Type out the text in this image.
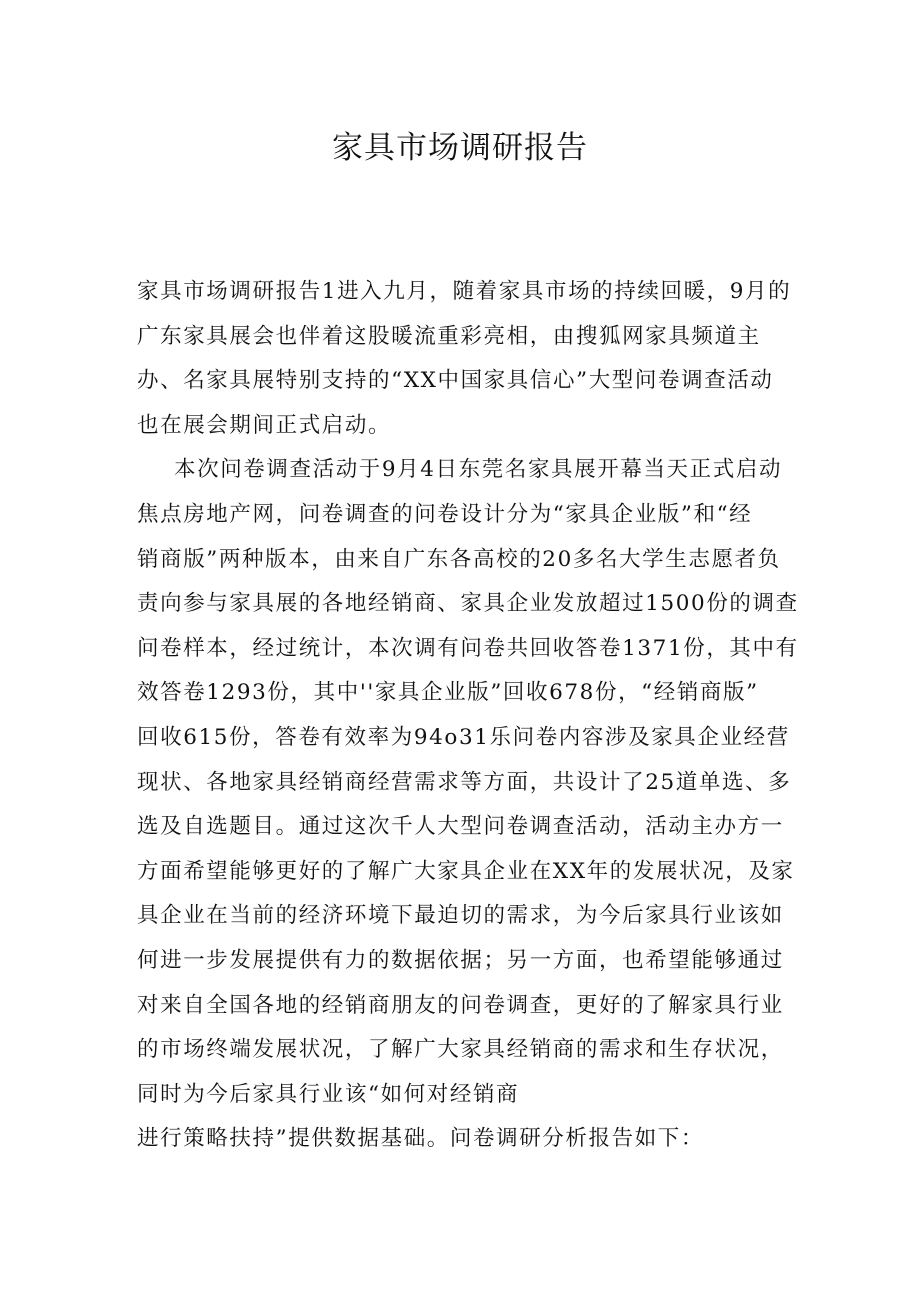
家具市场调研报告
家具市场调研报告1进入九月，随着家具市场的持续回暖，9月的
广东家具展会也伴着这股暖流重彩亮相，由搜狐网家具频道主
办、名家具展特别支持的“XX中国家具信心”大型问卷调查活动
也在展会期间正式启动。
本次问卷调查活动于9月4日东莞名家具展开幕当天正式启动
焦点房地产网，问卷调查的问卷设计分为“家具企业版”和“经
销商版”两种版本，由来自广东各高校的20多名大学生志愿者负
责向参与家具展的各地经销商、家具企业发放超过1500份的调查
问卷样本，经过统计，本次调有问卷共回收答卷1371份，其中有
效答卷1293份，其中''家具企业版”回收678份，“经销商版”
回收615份，答卷有效率为94o31乐问卷内容涉及家具企业经营
现状、各地家具经销商经营需求等方面，共设计了25道单选、多
选及自选题目。通过这次千人大型问卷调查活动，活动主办方一
方面希望能够更好的了解广大家具企业在XX年的发展状况，及家
具企业在当前的经济环境下最迫切的需求，为今后家具行业该如
何进一步发展提供有力的数据依据；另一方面，也希望能够通过
对来自全国各地的经销商朋友的问卷调查，更好的了解家具行业
的市场终端发展状况，了解广大家具经销商的需求和生存状况，
同时为今后家具行业该“如何对经销商
进行策略扶持”提供数据基础。问卷调研分析报告如下：
